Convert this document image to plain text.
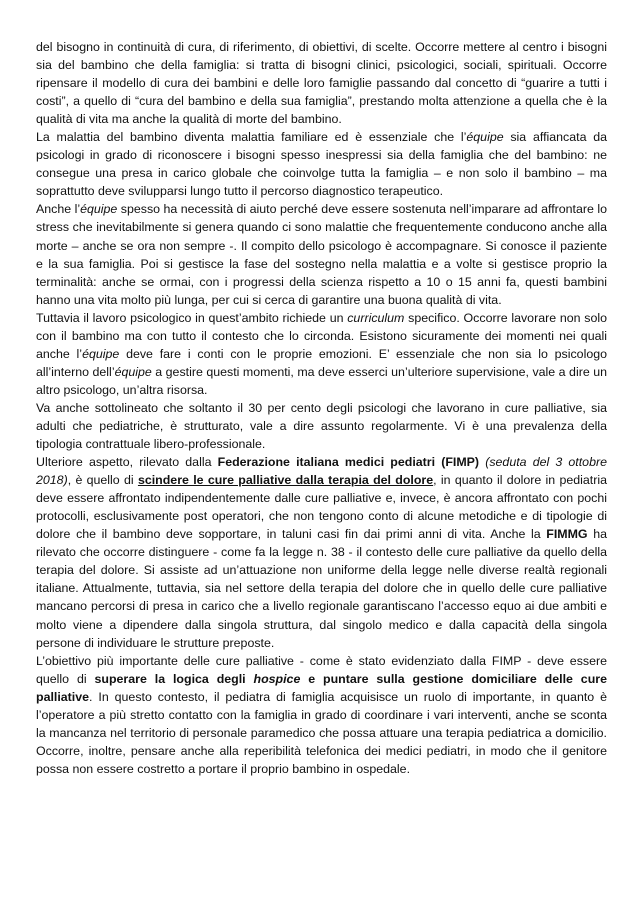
del bisogno in continuità di cura, di riferimento, di obiettivi, di scelte. Occorre mettere al centro i bisogni sia del bambino che della famiglia: si tratta di bisogni clinici, psicologici, sociali, spirituali. Occorre ripensare il modello di cura dei bambini e delle loro famiglie passando dal concetto di “guarire a tutti i costi”, a quello di “cura del bambino e della sua famiglia”, prestando molta attenzione a quella che è la qualità di vita ma anche la qualità di morte del bambino.

La malattia del bambino diventa malattia familiare ed è essenziale che l’équipe sia affiancata da psicologi in grado di riconoscere i bisogni spesso inespressi sia della famiglia che del bambino: ne consegue una presa in carico globale che coinvolge tutta la famiglia – e non solo il bambino – ma soprattutto deve svilupparsi lungo tutto il percorso diagnostico terapeutico.

Anche l’équipe spesso ha necessità di aiuto perché deve essere sostenuta nell’imparare ad affrontare lo stress che inevitabilmente si genera quando ci sono malattie che frequentemente conducono anche alla morte – anche se ora non sempre -. Il compito dello psicologo è accompagnare. Si conosce il paziente e la sua famiglia. Poi si gestisce la fase del sostegno nella malattia e a volte si gestisce proprio la terminalità: anche se ormai, con i progressi della scienza rispetto a 10 o 15 anni fa, questi bambini hanno una vita molto più lunga, per cui si cerca di garantire una buona qualità di vita.

Tuttavia il lavoro psicologico in quest’ambito richiede un curriculum specifico. Occorre lavorare non solo con il bambino ma con tutto il contesto che lo circonda. Esistono sicuramente dei momenti nei quali anche l’équipe deve fare i conti con le proprie emozioni. E’ essenziale che non sia lo psicologo all’interno dell’équipe a gestire questi momenti, ma deve esserci un’ulteriore supervisione, vale a dire un altro psicologo, un’altra risorsa.

Va anche sottolineato che soltanto il 30 per cento degli psicologi che lavorano in cure palliative, sia adulti che pediatriche, è strutturato, vale a dire assunto regolarmente. Vi è una prevalenza della tipologia contrattuale libero-professionale.

Ulteriore aspetto, rilevato dalla Federazione italiana medici pediatri (FIMP) (seduta del 3 ottobre 2018), è quello di scindere le cure palliative dalla terapia del dolore, in quanto il dolore in pediatria deve essere affrontato indipendentemente dalle cure palliative e, invece, è ancora affrontato con pochi protocolli, esclusivamente post operatori, che non tengono conto di alcune metodiche e di tipologie di dolore che il bambino deve sopportare, in taluni casi fin dai primi anni di vita. Anche la FIMMG ha rilevato che occorre distinguere - come fa la legge n. 38 - il contesto delle cure palliative da quello della terapia del dolore. Si assiste ad un’attuazione non uniforme della legge nelle diverse realtà regionali italiane. Attualmente, tuttavia, sia nel settore della terapia del dolore che in quello delle cure palliative mancano percorsi di presa in carico che a livello regionale garantiscano l’accesso equo ai due ambiti e molto viene a dipendere dalla singola struttura, dal singolo medico e dalla capacità della singola persone di individuare le strutture preposte.

L’obiettivo più importante delle cure palliative - come è stato evidenziato dalla FIMP - deve essere quello di superare la logica degli hospice e puntare sulla gestione domiciliare delle cure palliative. In questo contesto, il pediatra di famiglia acquisisce un ruolo di importante, in quanto è l’operatore a più stretto contatto con la famiglia in grado di coordinare i vari interventi, anche se sconta la mancanza nel territorio di personale paramedico che possa attuare una terapia pediatrica a domicilio. Occorre, inoltre, pensare anche alla reperibilità telefonica dei medici pediatri, in modo che il genitore possa non essere costretto a portare il proprio bambino in ospedale.
